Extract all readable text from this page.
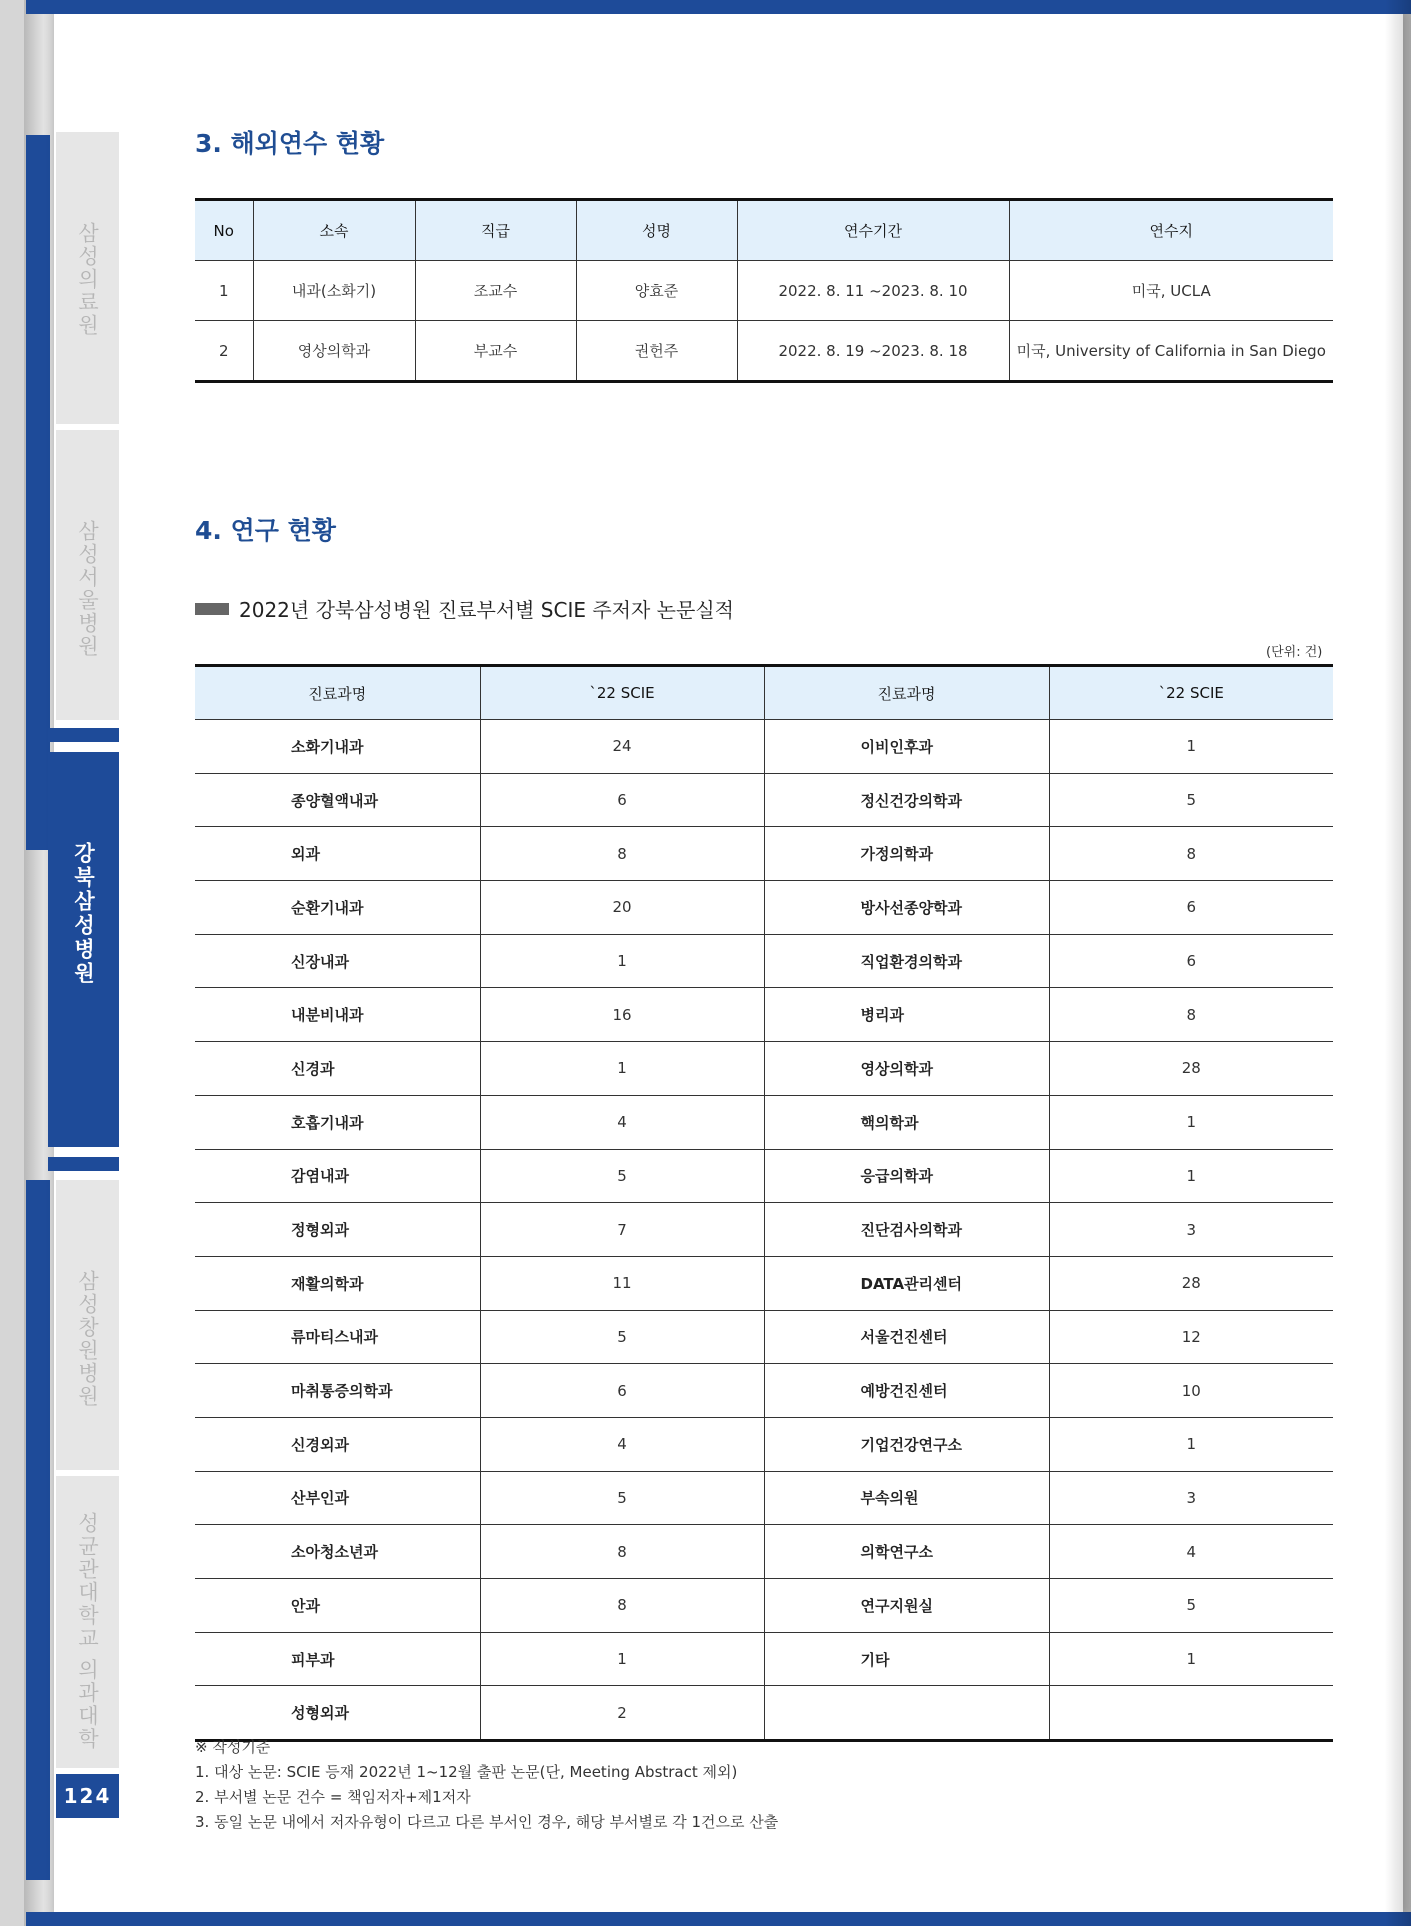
삼성의료원
삼성서울병원
강북삼성병원
삼성창원병원
성균관대학교 의과대학
124
3. 해외연수 현황
No	소속	직급	성명	연수기간	연수지
1	내과(소화기)	조교수	양효준	2022. 8. 11 ~2023. 8. 10	미국, UCLA
2	영상의학과	부교수	권헌주	2022. 8. 19 ~2023. 8. 18	미국, University of California in San Diego
4. 연구 현황
2022년 강북삼성병원 진료부서별 SCIE 주저자 논문실적
(단위: 건)
진료과명	`22 SCIE	진료과명	`22 SCIE
소화기내과	24	이비인후과	1
종양혈액내과	6	정신건강의학과	5
외과	8	가정의학과	8
순환기내과	20	방사선종양학과	6
신장내과	1	직업환경의학과	6
내분비내과	16	병리과	8
신경과	1	영상의학과	28
호흡기내과	4	핵의학과	1
감염내과	5	응급의학과	1
정형외과	7	진단검사의학과	3
재활의학과	11	DATA관리센터	28
류마티스내과	5	서울건진센터	12
마취통증의학과	6	예방건진센터	10
신경외과	4	기업건강연구소	1
산부인과	5	부속의원	3
소아청소년과	8	의학연구소	4
안과	8	연구지원실	5
피부과	1	기타	1
성형외과	2		
※ 작성기준
1. 대상 논문: SCIE 등재 2022년 1~12월 출판 논문(단, Meeting Abstract 제외)
2. 부서별 논문 건수 = 책임저자+제1저자
3. 동일 논문 내에서 저자유형이 다르고 다른 부서인 경우, 해당 부서별로 각 1건으로 산출
